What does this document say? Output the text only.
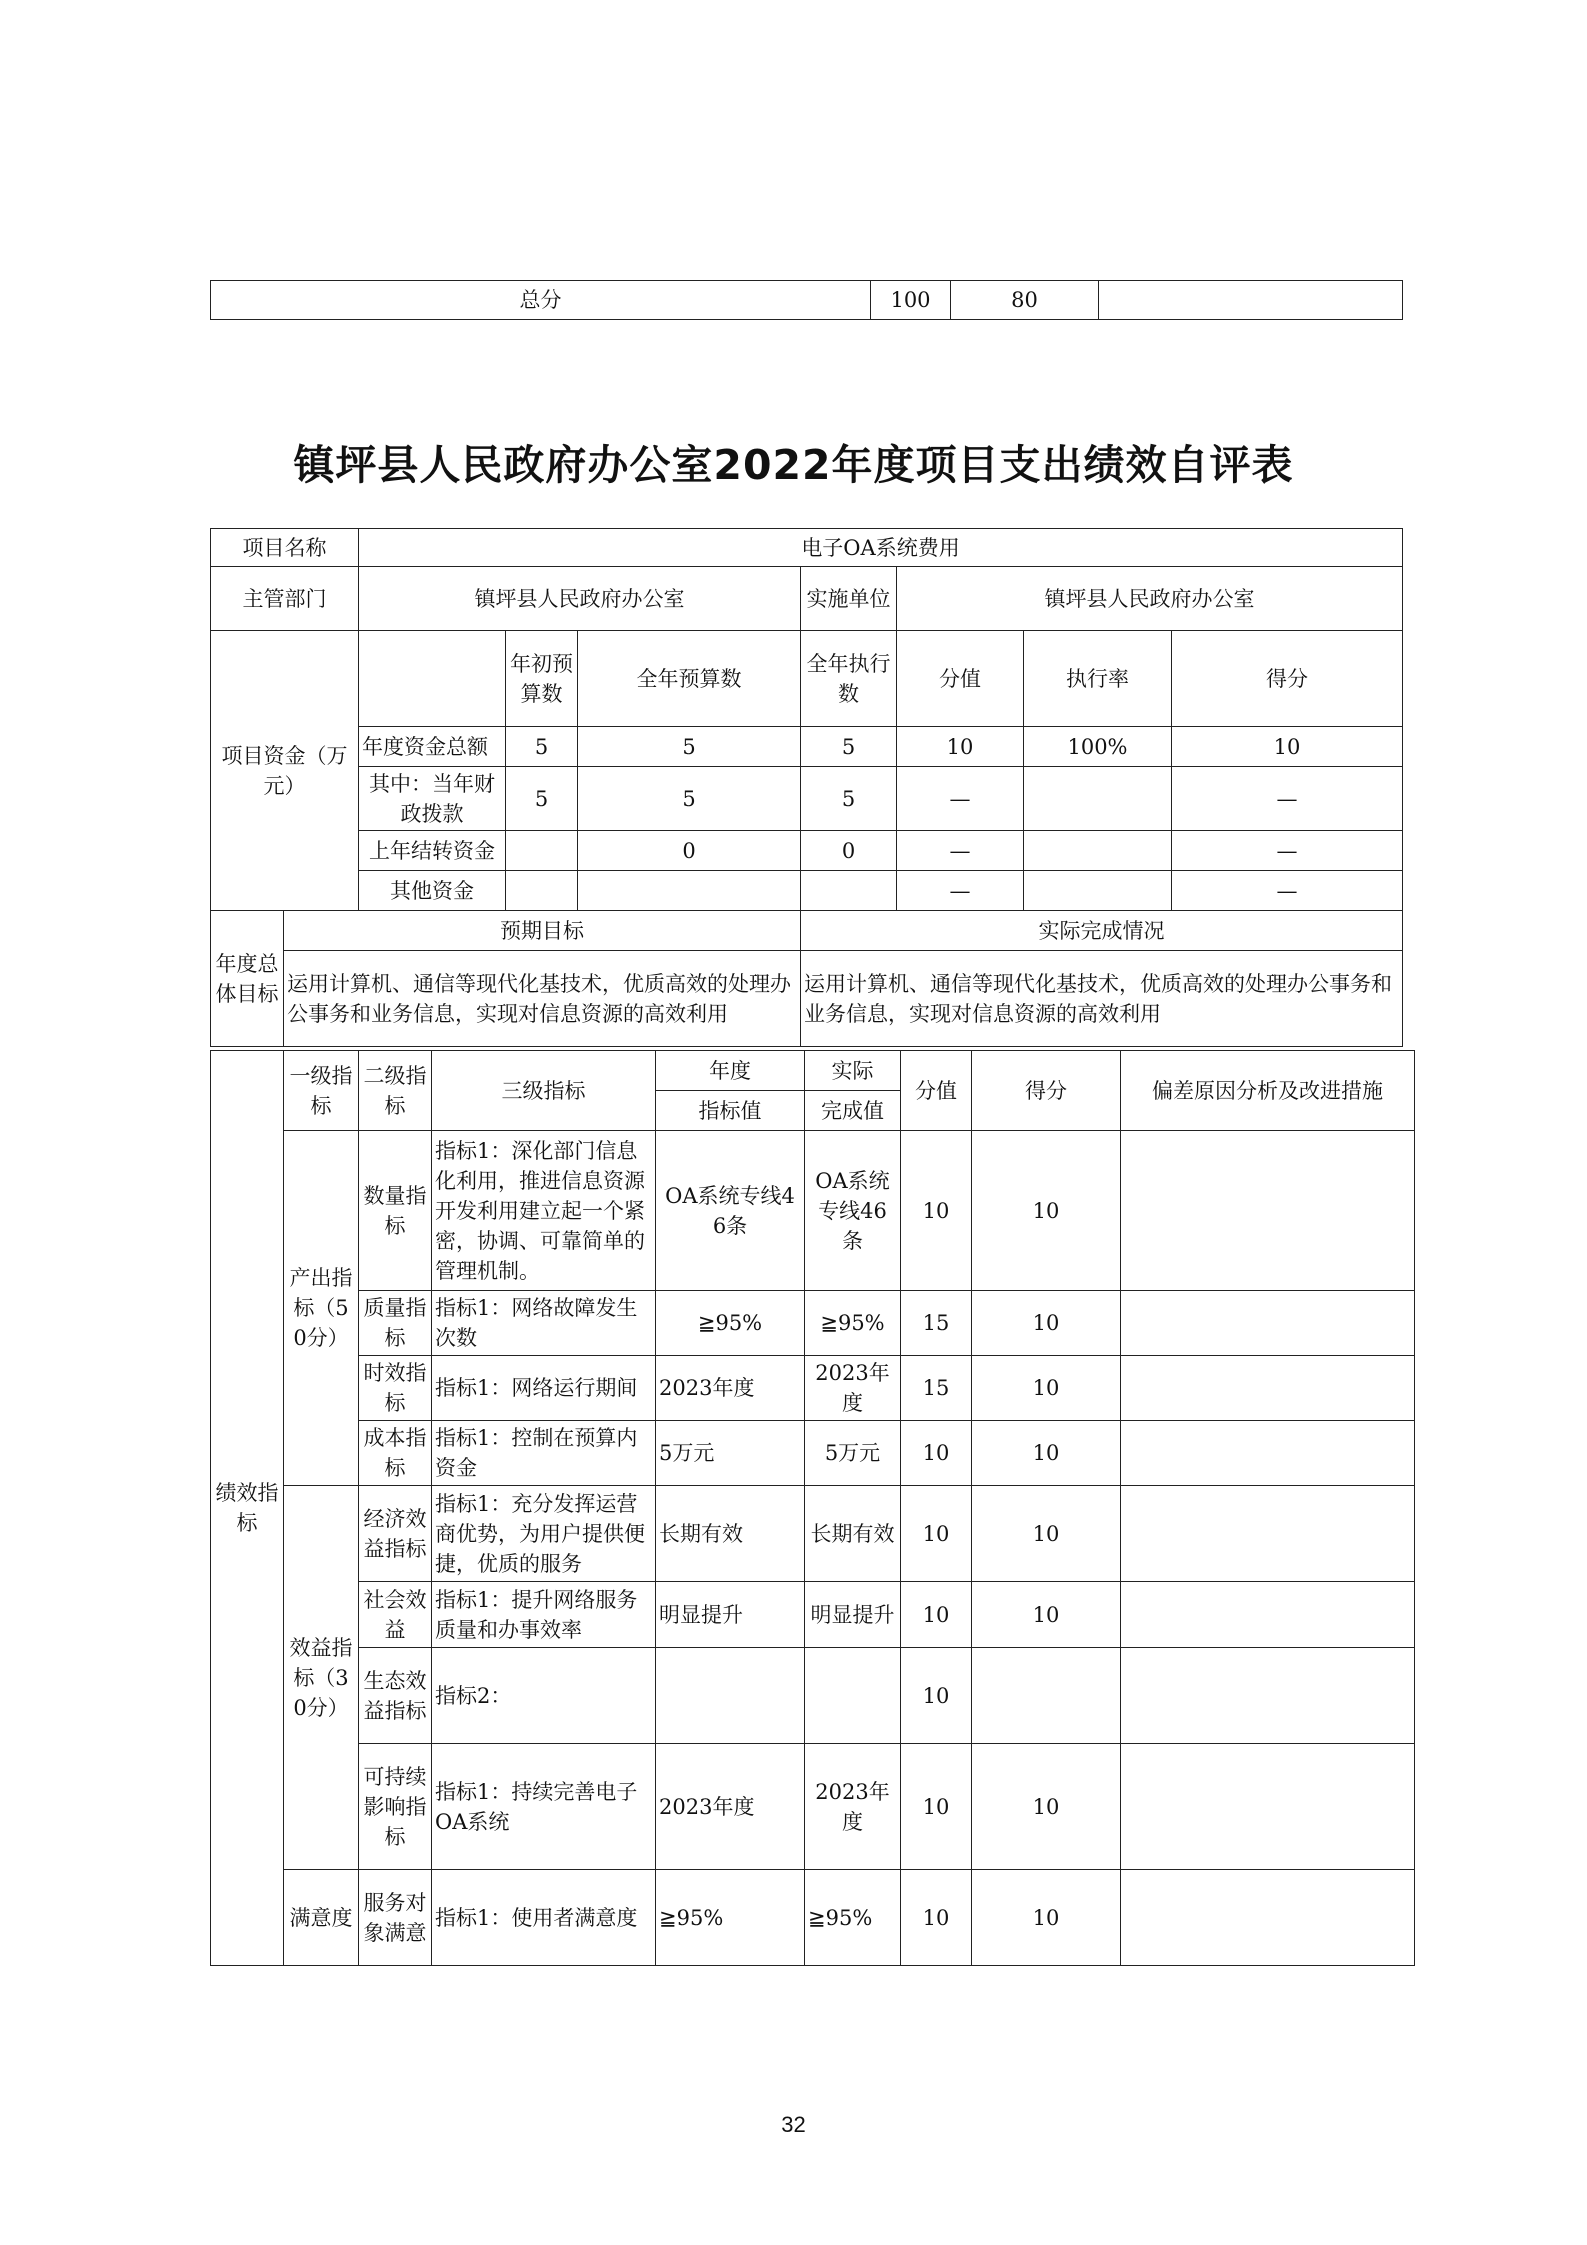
总分	100	80	
镇坪县人民政府办公室2022年度项目支出绩效自评表
项目名称		电子OA系统费用						
主管部门		镇坪县人民政府办公室			实施单位	镇坪县人民政府办公室		
项目资金（万元）			年初预算数	全年预算数	全年执行数	分值	执行率	得分
		年度资金总额	5	5	5	10	100%	10
		其中：当年财政拨款	5	5	5	—		—
		上年结转资金		0	0	—		—
		其他资金				—		—
年度总体目标	预期目标				实际完成情况			
	运用计算机、通信等现代化基技术，优质高效的处理办公事务和业务信息，实现对信息资源的高效利用				运用计算机、通信等现代化基技术，优质高效的处理办公事务和业务信息，实现对信息资源的高效利用			
绩效指标	一级指标	二级指标	三级指标	年度	实际	分值	得分	偏差原因分析及改进措施
				指标值	完成值			
	产出指标（50分）	数量指标	指标1：深化部门信息化利用，推进信息资源开发利用建立起一个紧密，协调、可靠简单的管理机制。	OA系统专线46条	OA系统专线46条	10	10	
		质量指标	指标1：网络故障发生次数	≧95%	≧95%	15	10	
		时效指标	指标1：网络运行期间	2023年度	2023年度	15	10	
		成本指标	指标1：控制在预算内资金	5万元	5万元	10	10	
	效益指标（30分）	经济效益指标	指标1：充分发挥运营商优势，为用户提供便捷，优质的服务	长期有效	长期有效	10	10	
		社会效益	指标1：提升网络服务质量和办事效率	明显提升	明显提升	10	10	
		生态效益指标	指标2：			10		
		可持续影响指标	指标1：持续完善电子OA系统	2023年度	2023年度	10	10	
	满意度	服务对象满意	指标1：使用者满意度	≧95%	≧95%	10	10	
32
